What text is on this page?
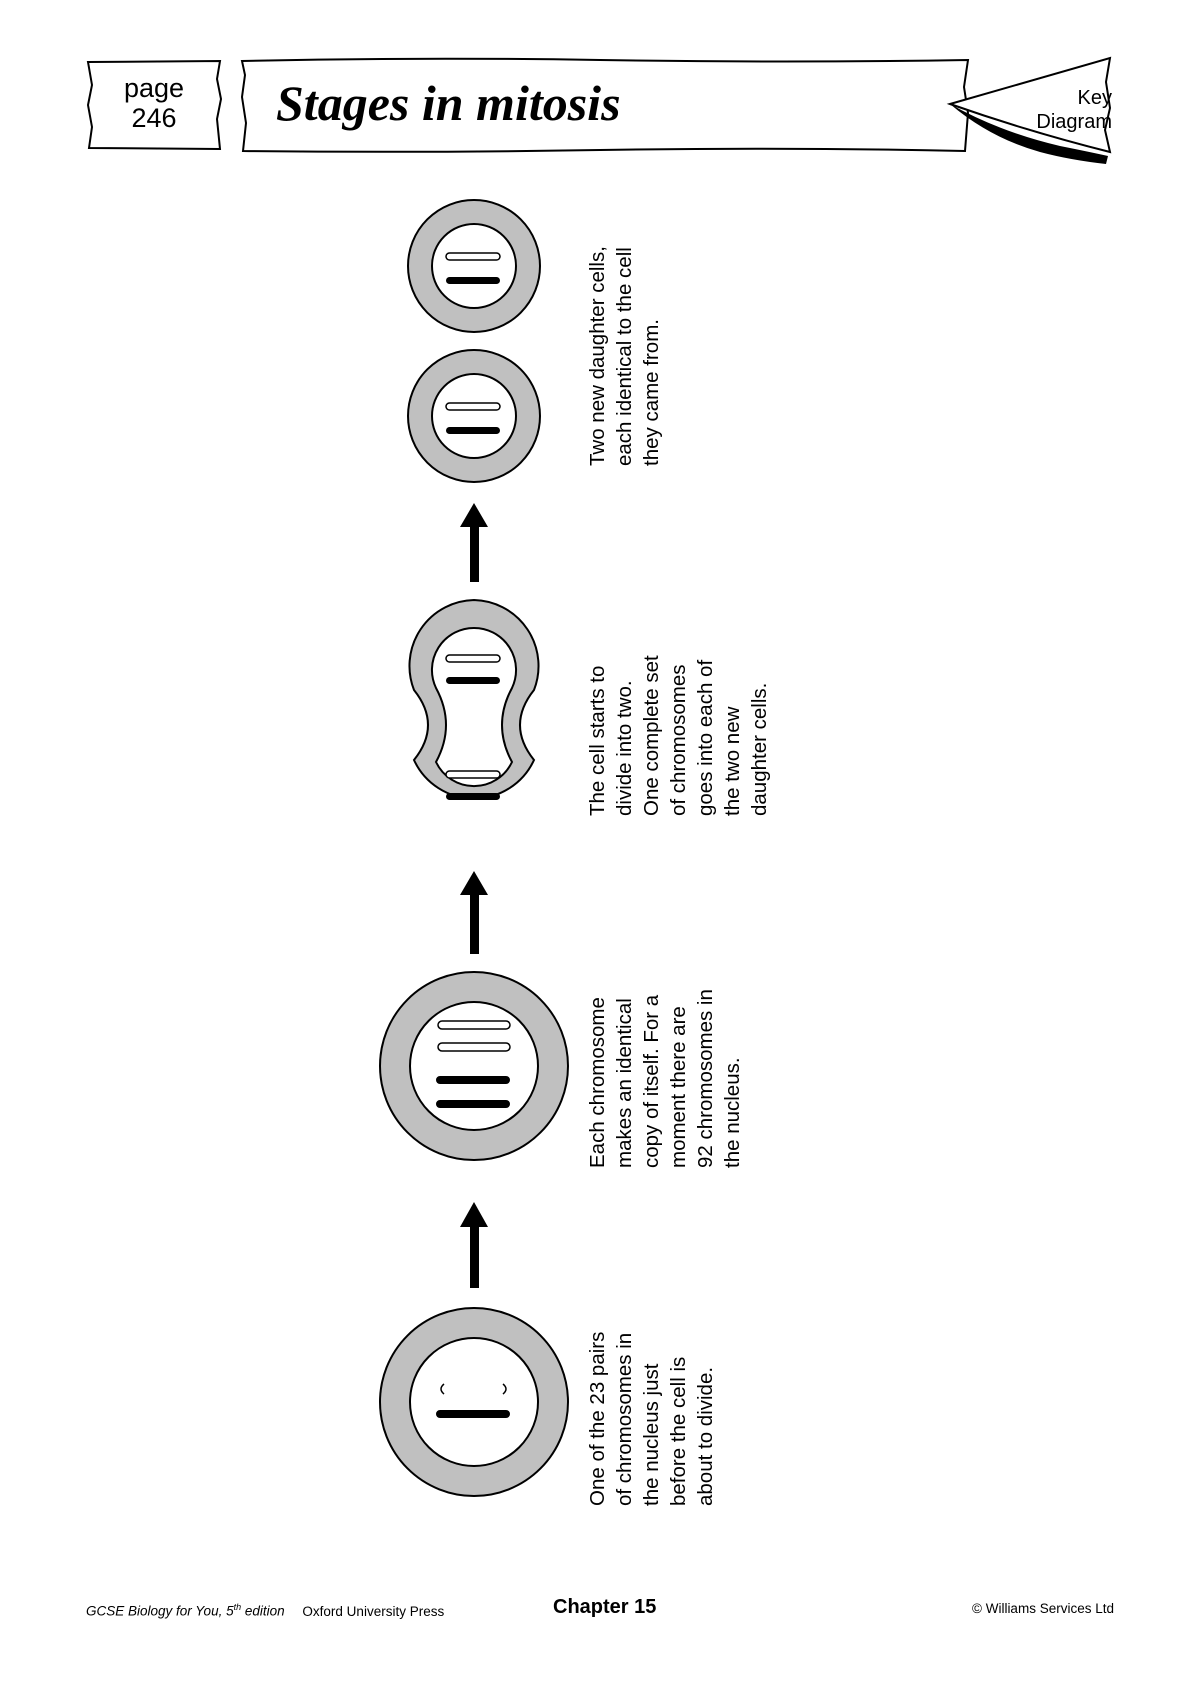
page
246	Stages in mitosis	Key
Diagram
Two new daughter cells, each identical to the cell they came from.
The cell starts to divide into two. One complete set of chromosomes goes into each of the two new daughter cells.
Each chromosome makes an identical copy of itself. For a moment there are 92 chromosomes in the nucleus.
One of the 23 pairs of chromosomes in the nucleus just before the cell is about to divide.
GCSE Biology for You, 5th edition Oxford University Press	Chapter 15	© Williams Services Ltd
